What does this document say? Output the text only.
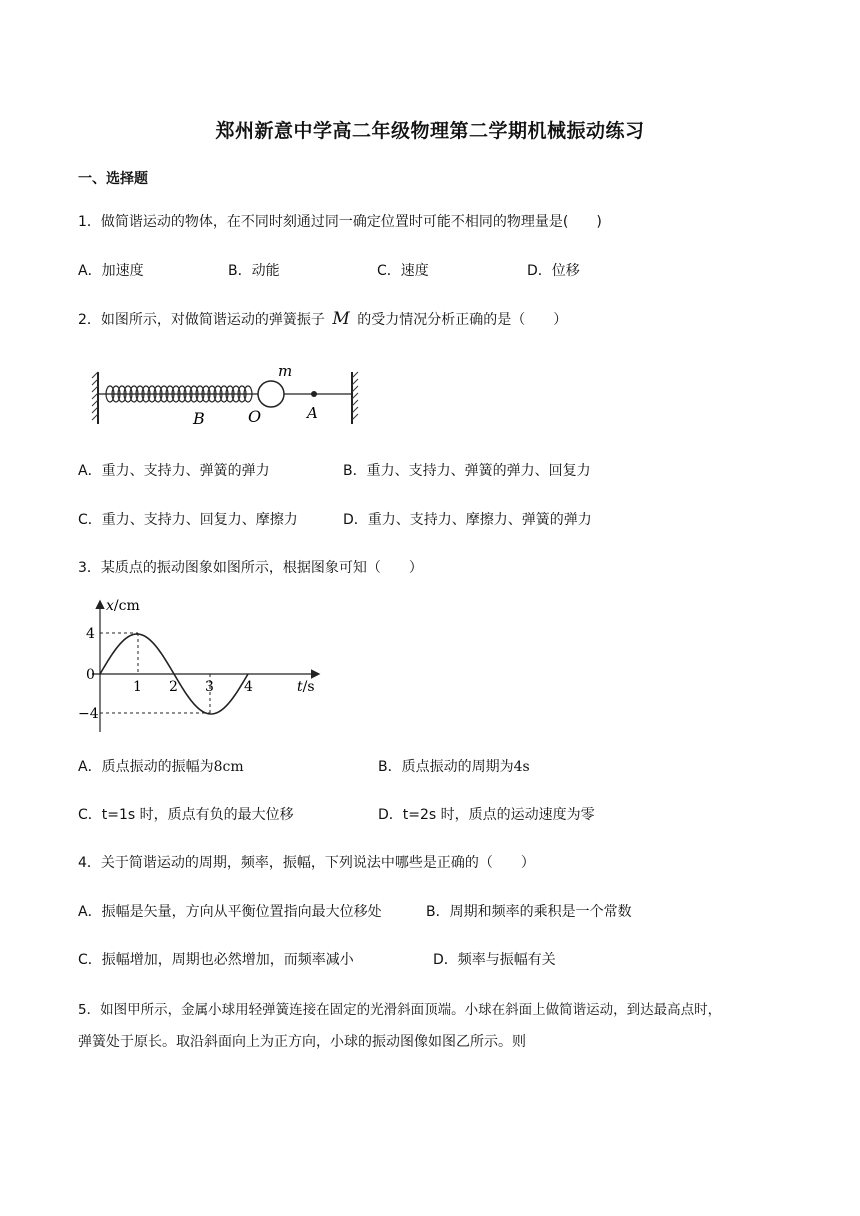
郑州新意中学高二年级物理第二学期机械振动练习
一、选择题
1．做简谐运动的物体，在不同时刻通过同一确定位置时可能不相同的物理量是(　　)
A．加速度	B．动能	C．速度	D．位移
2．如图所示，对做简谐运动的弹簧振子 M 的受力情况分析正确的是（　　）
m
B	O	A
A．重力、支持力、弹簧的弹力	B．重力、支持力、弹簧的弹力、回复力
C．重力、支持力、回复力、摩擦力	D．重力、支持力、摩擦力、弹簧的弹力
3．某质点的振动图象如图所示，根据图象可知（　　）
x/cm
4
0
−4
1 2 3 4	t/s
A．质点振动的振幅为8cm	B．质点振动的周期为4s
C．t=1s 时，质点有负的最大位移	D．t=2s 时，质点的运动速度为零
4．关于简谐运动的周期，频率，振幅，下列说法中哪些是正确的（　　）
A．振幅是矢量，方向从平衡位置指向最大位移处	B．周期和频率的乘积是一个常数
C．振幅增加，周期也必然增加，而频率减小	D．频率与振幅有关
5．如图甲所示，金属小球用轻弹簧连接在固定的光滑斜面顶端。小球在斜面上做简谐运动，到达最高点时，
弹簧处于原长。取沿斜面向上为正方向，小球的振动图像如图乙所示。则
